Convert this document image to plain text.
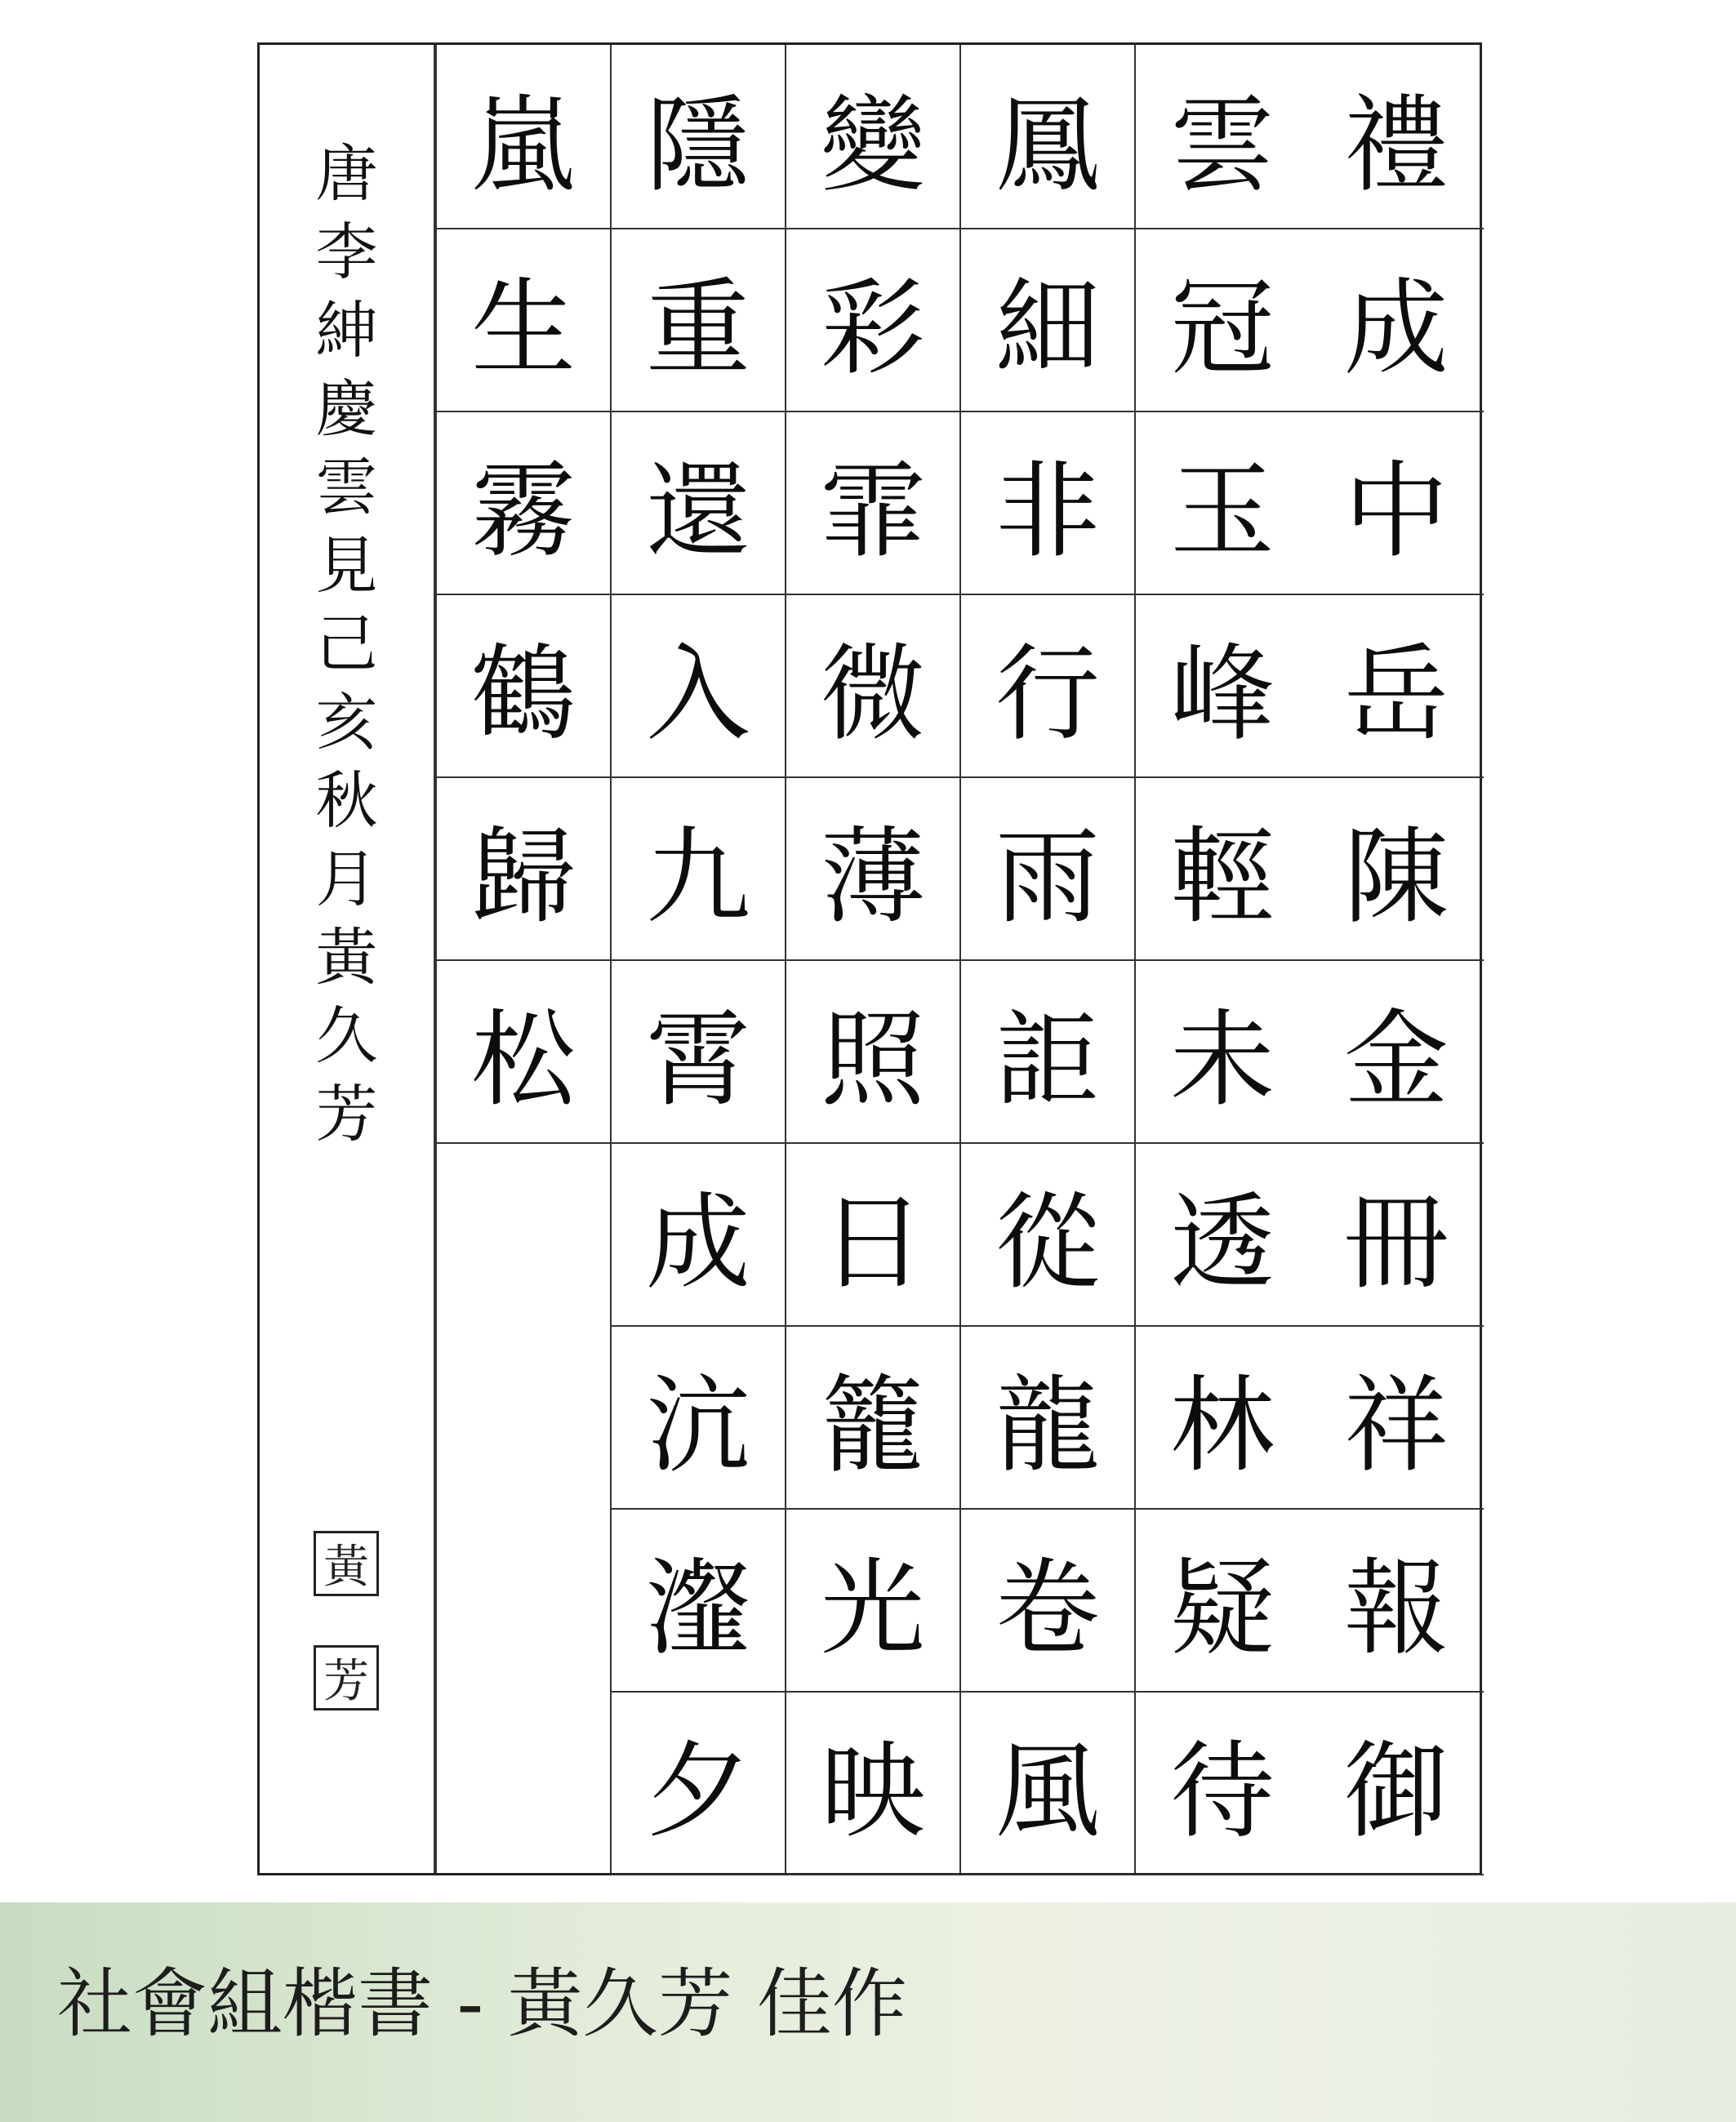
唐
李
紳
慶
雲
見
己
亥
秋
月
黃
久
芳
黃
芳
禮
成
中
岳
陳
金
冊
祥
報
御
雲
冠
玉
峰
輕
未
透
林
疑
待
鳳
細
非
行
雨
詎
從
龍
卷
風
變
彩
霏
微
薄
照
日
籠
光
映
隱
重
還
入
九
霄
成
沆
瀣
夕
嵐
生
霧
鶴
歸
松
社會組楷書 - 黃久芳 佳作
